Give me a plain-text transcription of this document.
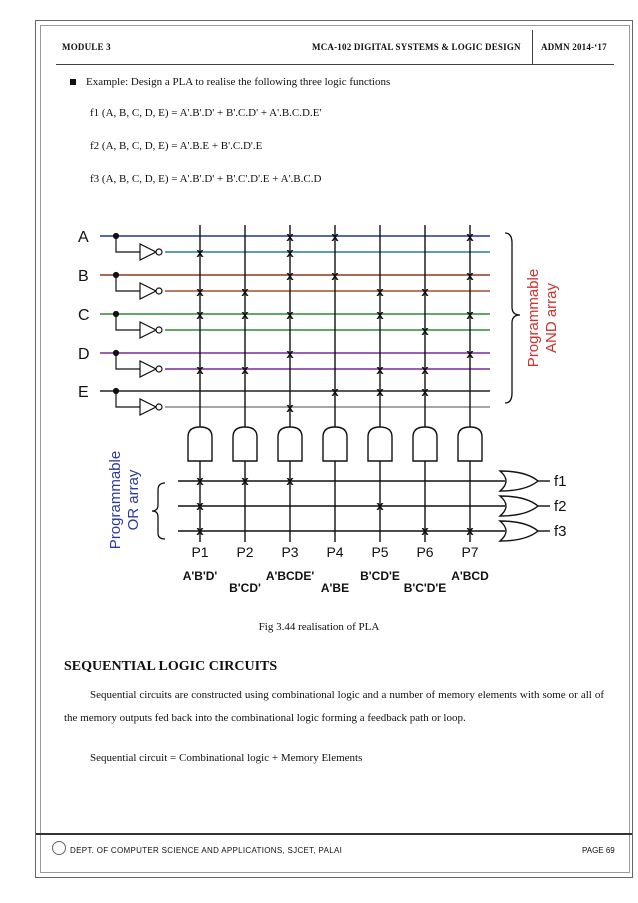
MODULE 3	MCA-102 DIGITAL SYSTEMS & LOGIC DESIGN ADMN 2014-‘17
Example: Design a PLA to realise the following three logic functions
f1 (A, B, C, D, E) = A'.B'.D' + B'.C.D' + A'.B.C.D.E'
f2 (A, B, C, D, E) = A'.B.E + B'.C.D'.E
f3 (A, B, C, D, E) = A'.B'.D' + B'.C'.D'.E + A'.B.C.D
x
x	x	x
x
x	x	x
x	x	x	x
x	x	x	x
x
x
x	x
x	x	x	x
x	x	x
x
x	x	x
x	x
x	x	x
A
B
C
D
E
Programmable AND array
Programmable OR array	f1
f2
f3
P1 P2 P3 P4 P5 P6 P7
A'B'D'	A'BCDE'
A'BE
A'BCD
B'CD'
B'CD'E
B'C'D'E
Fig 3.44 realisation of PLA
SEQUENTIAL LOGIC CIRCUITS
Sequential circuits are constructed using combinational logic and a number of memory elements with some or all of the memory outputs fed back into the combinational logic forming a feedback path or loop.
Sequential circuit = Combinational logic + Memory Elements
DEPT. OF COMPUTER SCIENCE AND APPLICATIONS, SJCET, PALAI	PAGE 69
